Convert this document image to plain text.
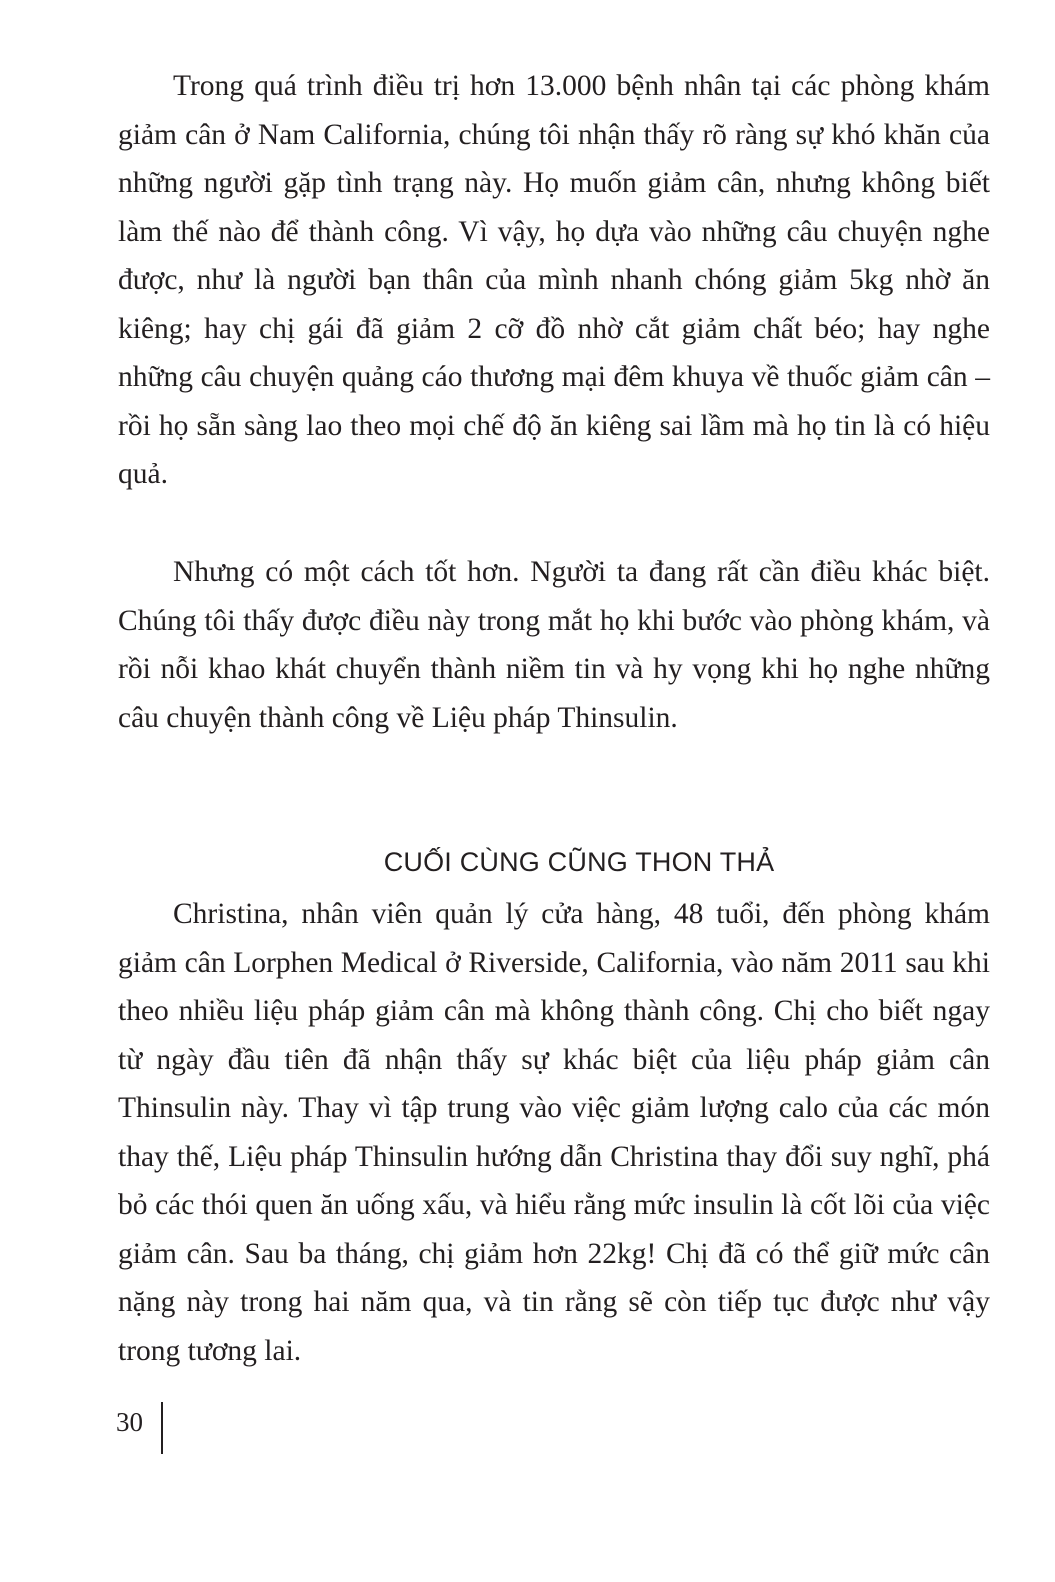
Trong quá trình điều trị hơn 13.000 bệnh nhân tại các phòng khám giảm cân ở Nam California, chúng tôi nhận thấy rõ ràng sự khó khăn của những người gặp tình trạng này. Họ muốn giảm cân, nhưng không biết làm thế nào để thành công. Vì vậy, họ dựa vào những câu chuyện nghe được, như là người bạn thân của mình nhanh chóng giảm 5kg nhờ ăn kiêng; hay chị gái đã giảm 2 cỡ đồ nhờ cắt giảm chất béo; hay nghe những câu chuyện quảng cáo thương mại đêm khuya về thuốc giảm cân – rồi họ sẵn sàng lao theo mọi chế độ ăn kiêng sai lầm mà họ tin là có hiệu quả.

Nhưng có một cách tốt hơn. Người ta đang rất cần điều khác biệt. Chúng tôi thấy được điều này trong mắt họ khi bước vào phòng khám, và rồi nỗi khao khát chuyển thành niềm tin và hy vọng khi họ nghe những câu chuyện thành công về Liệu pháp Thinsulin.

CUỐI CÙNG CŨNG THON THẢ

Christina, nhân viên quản lý cửa hàng, 48 tuổi, đến phòng khám giảm cân Lorphen Medical ở Riverside, California, vào năm 2011 sau khi theo nhiều liệu pháp giảm cân mà không thành công. Chị cho biết ngay từ ngày đầu tiên đã nhận thấy sự khác biệt của liệu pháp giảm cân Thinsulin này. Thay vì tập trung vào việc giảm lượng calo của các món thay thế, Liệu pháp Thinsulin hướng dẫn Christina thay đổi suy nghĩ, phá bỏ các thói quen ăn uống xấu, và hiểu rằng mức insulin là cốt lõi của việc giảm cân. Sau ba tháng, chị giảm hơn 22kg! Chị đã có thể giữ mức cân nặng này trong hai năm qua, và tin rằng sẽ còn tiếp tục được như vậy trong tương lai.

30
